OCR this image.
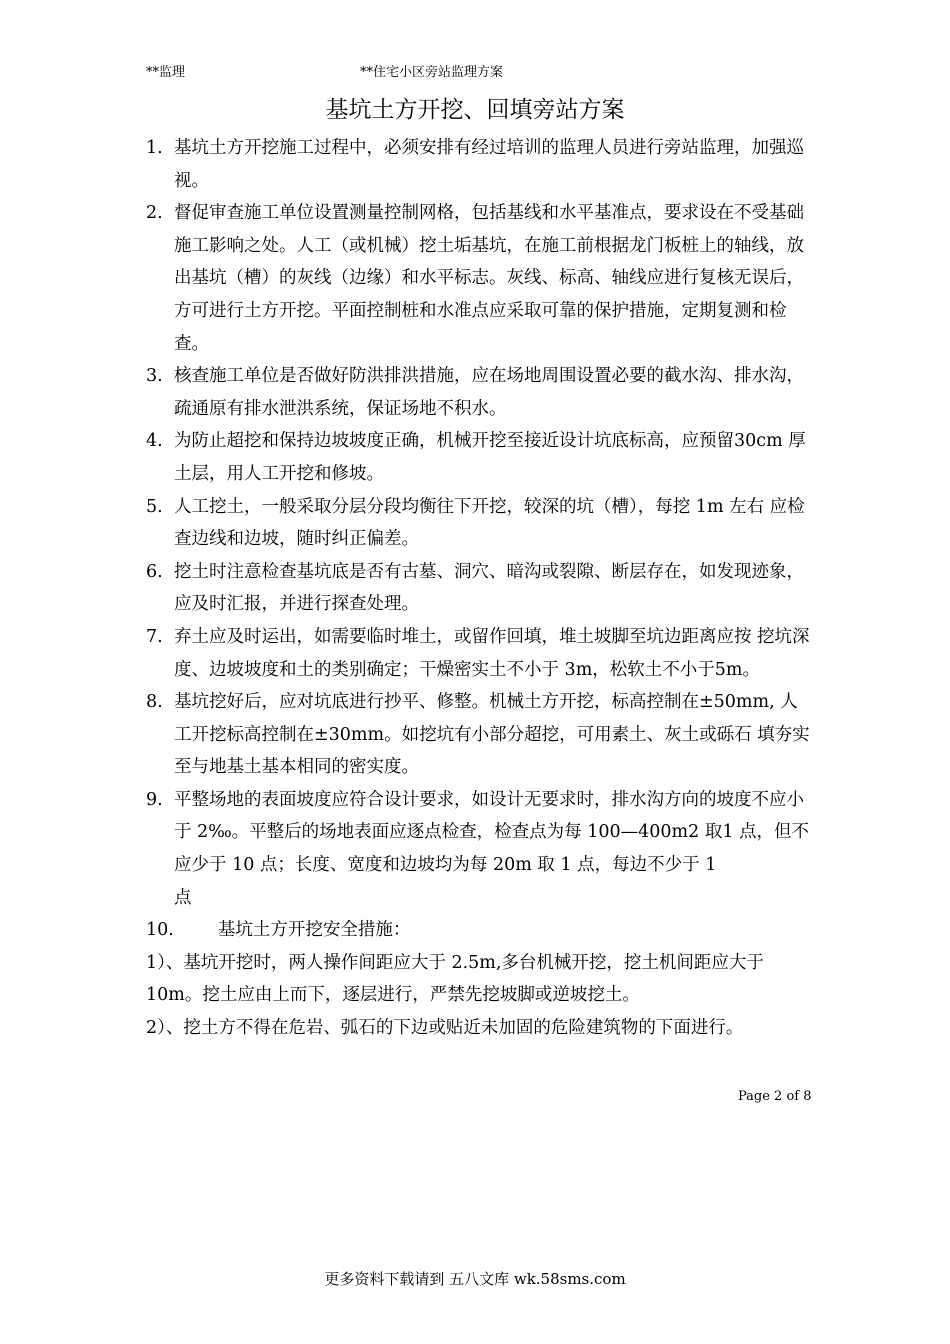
**监理	**住宅小区旁站监理方案
基坑土方开挖、回填旁站方案

1. 基坑土方开挖施工过程中，必须安排有经过培训的监理人员进行旁站监理，加强巡视。

2. 督促审查施工单位设置测量控制网格，包括基线和水平基准点，要求设在不受基础施工影响之处。人工（或机械）挖土垢基坑，在施工前根据龙门板桩上的轴线，放出基坑（槽）的灰线（边缘）和水平标志。灰线、标高、轴线应进行复核无误后，方可进行土方开挖。平面控制桩和水准点应采取可靠的保护措施，定期复测和检查。

3. 核查施工单位是否做好防洪排洪措施，应在场地周围设置必要的截水沟、排水沟，疏通原有排水泄洪系统，保证场地不积水。

4. 为防止超挖和保持边坡坡度正确，机械开挖至接近设计坑底标高，应预留30cm 厚土层，用人工开挖和修坡。

5. 人工挖土，一般采取分层分段均衡往下开挖，较深的坑（槽），每挖 1m 左右 应检查边线和边坡，随时纠正偏差。

6. 挖土时注意检查基坑底是否有古墓、洞穴、暗沟或裂隙、断层存在，如发现迹象，应及时汇报，并进行探查处理。

7. 弃土应及时运出，如需要临时堆土，或留作回填，堆土坡脚至坑边距离应按 挖坑深度、边坡坡度和土的类别确定；干燥密实土不小于 3m，松软土不小于5m。

8. 基坑挖好后，应对坑底进行抄平、修整。机械土方开挖，标高控制在±50mm, 人工开挖标高控制在±30mm。如挖坑有小部分超挖，可用素土、灰土或砾石 填夯实至与地基土基本相同的密实度。

9. 平整场地的表面坡度应符合设计要求，如设计无要求时，排水沟方向的坡度不应小于 2‰。平整后的场地表面应逐点检查，检查点为每 100—400m2 取1 点，但不应少于 10 点；长度、宽度和边坡均为每 20m 取 1 点，每边不少于 1

点

10.	基坑土方开挖安全措施：

1）、基坑开挖时，两人操作间距应大于 2.5m,多台机械开挖，挖土机间距应大于 10m。挖土应由上而下，逐层进行，严禁先挖坡脚或逆坡挖土。

2）、挖土方不得在危岩、弧石的下边或贴近未加固的危险建筑物的下面进行。

Page 2 of 8
更多资料下载请到 五八文库 wk.58sms.com
